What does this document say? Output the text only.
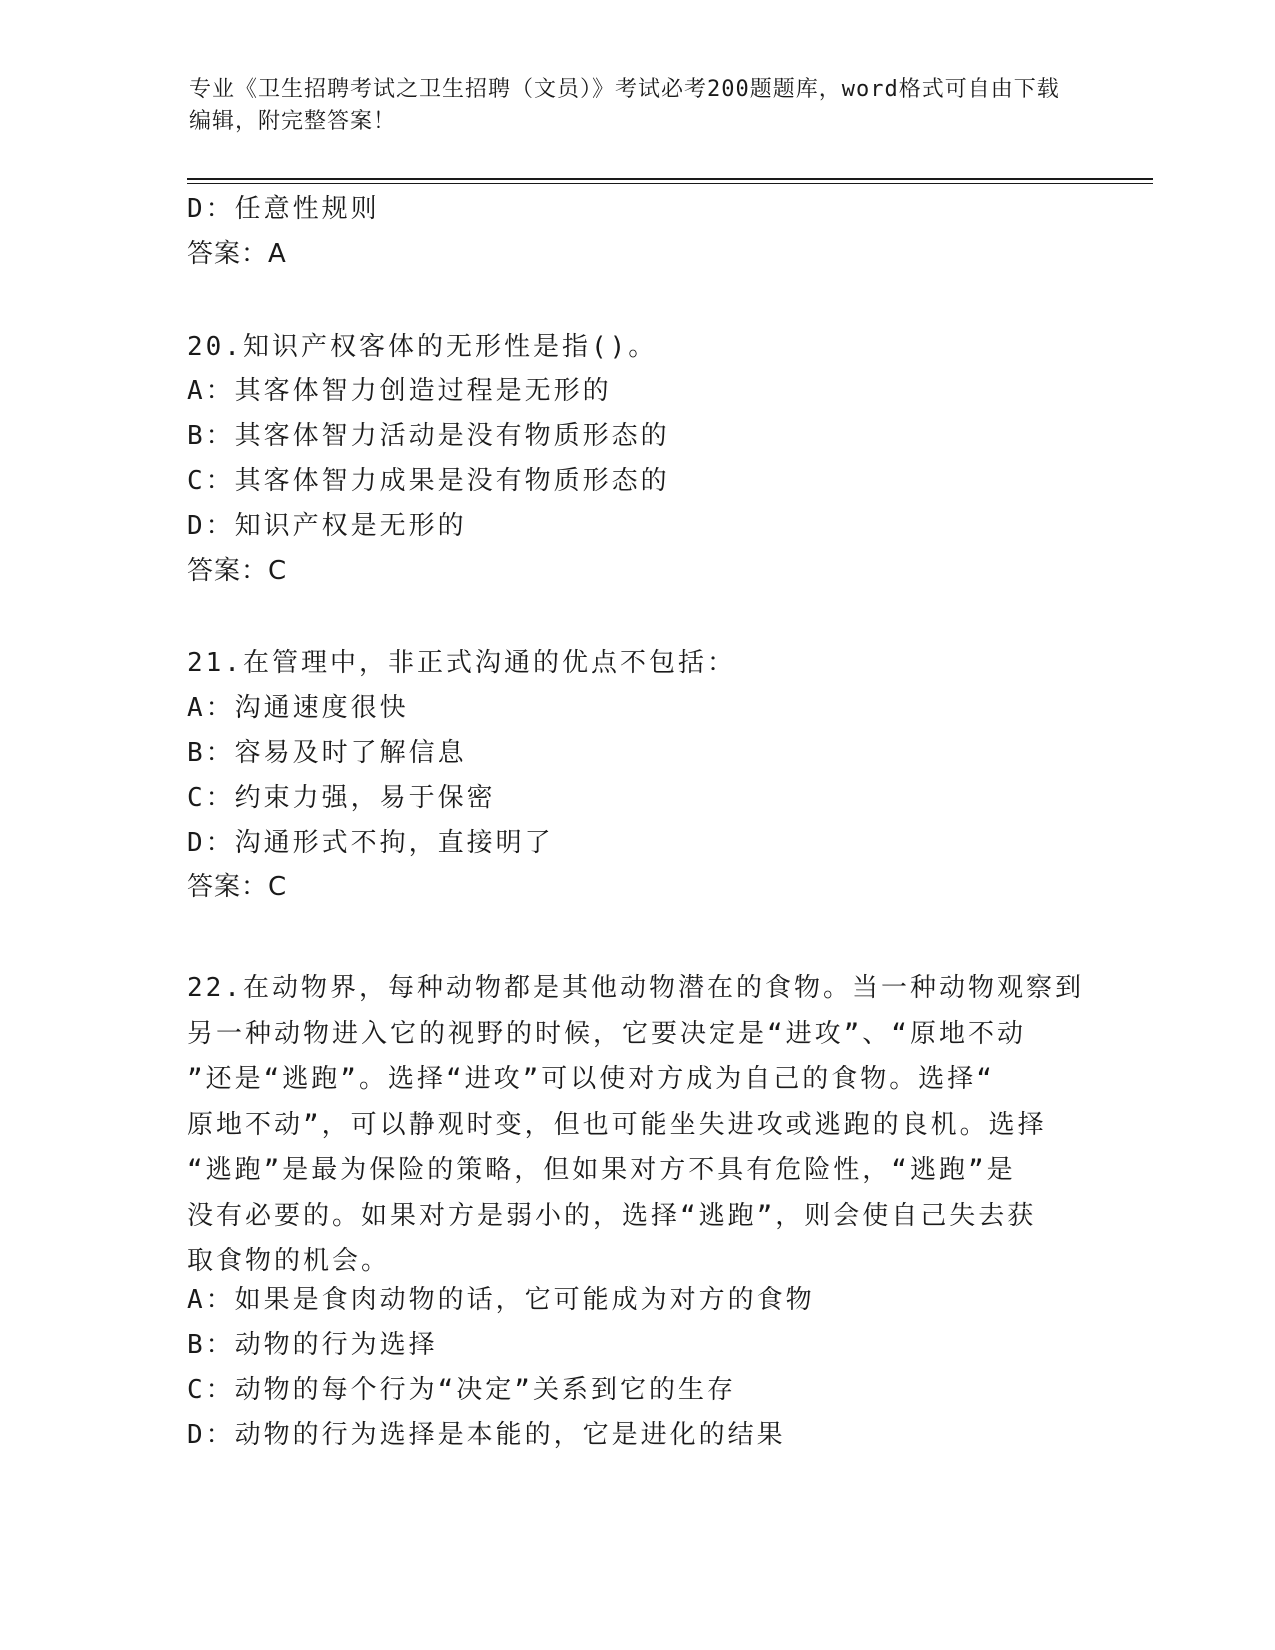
专业《卫生招聘考试之卫生招聘（文员）》考试必考200题题库，word格式可自由下载编辑，附完整答案！
D：任意性规则
答案：A
20.知识产权客体的无形性是指()。
A：其客体智力创造过程是无形的
B：其客体智力活动是没有物质形态的
C：其客体智力成果是没有物质形态的
D：知识产权是无形的
答案：C
21.在管理中，非正式沟通的优点不包括：
A：沟通速度很快
B：容易及时了解信息
C：约束力强，易于保密
D：沟通形式不拘，直接明了
答案：C
22.在动物界，每种动物都是其他动物潜在的食物。当一种动物观察到
另一种动物进入它的视野的时候，它要决定是“进攻”、“原地不动
”还是“逃跑”。选择“进攻”可以使对方成为自己的食物。选择“
原地不动”，可以静观时变，但也可能坐失进攻或逃跑的良机。选择
“逃跑”是最为保险的策略，但如果对方不具有危险性，“逃跑”是
没有必要的。如果对方是弱小的，选择“逃跑”，则会使自己失去获
取食物的机会。
A：如果是食肉动物的话，它可能成为对方的食物
B：动物的行为选择
C：动物的每个行为“决定”关系到它的生存
D：动物的行为选择是本能的，它是进化的结果
